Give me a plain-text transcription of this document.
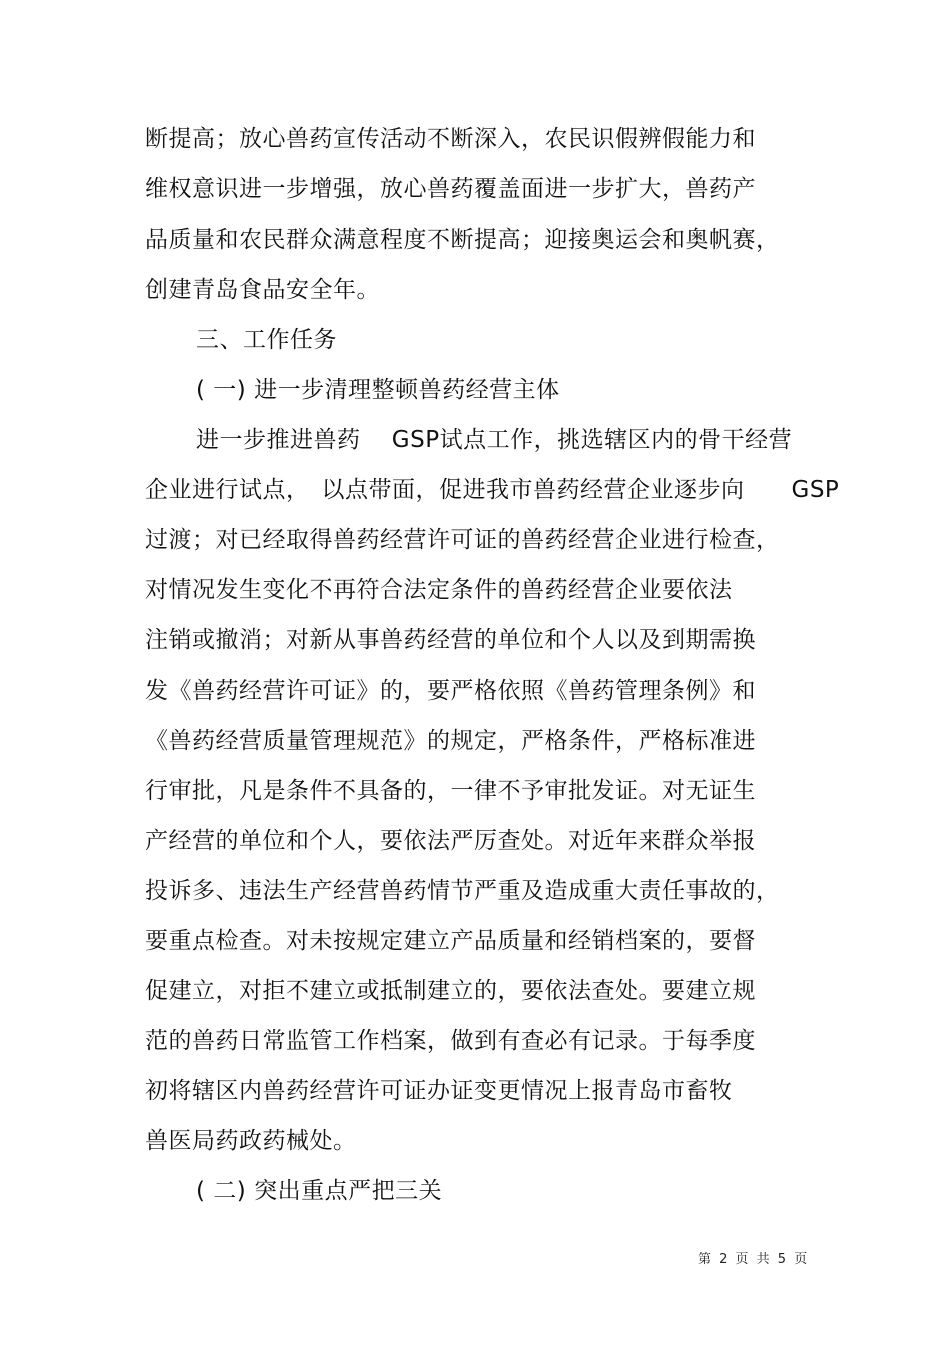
断提高；放心兽药宣传活动不断深入，农民识假辨假能力和
维权意识进一步增强，放心兽药覆盖面进一步扩大，兽药产
品质量和农民群众满意程度不断提高；迎接奥运会和奥帆赛，
创建青岛食品安全年。
三、工作任务
( 一) 进一步清理整顿兽药经营主体
进一步推进兽药　 GSP试点工作，挑选辖区内的骨干经营
企业进行试点，　以点带面，促进我市兽药经营企业逐步向　　GSP
过渡；对已经取得兽药经营许可证的兽药经营企业进行检查，
对情况发生变化不再符合法定条件的兽药经营企业要依法
注销或撤消；对新从事兽药经营的单位和个人以及到期需换
发《兽药经营许可证》的，要严格依照《兽药管理条例》和
《兽药经营质量管理规范》的规定，严格条件，严格标准进
行审批，凡是条件不具备的，一律不予审批发证。对无证生
产经营的单位和个人，要依法严厉查处。对近年来群众举报
投诉多、违法生产经营兽药情节严重及造成重大责任事故的，
要重点检查。对未按规定建立产品质量和经销档案的，要督
促建立，对拒不建立或抵制建立的，要依法查处。要建立规
范的兽药日常监管工作档案，做到有查必有记录。于每季度
初将辖区内兽药经营许可证办证变更情况上报青岛市畜牧
兽医局药政药械处。
( 二) 突出重点严把三关
第 2 页 共 5 页
